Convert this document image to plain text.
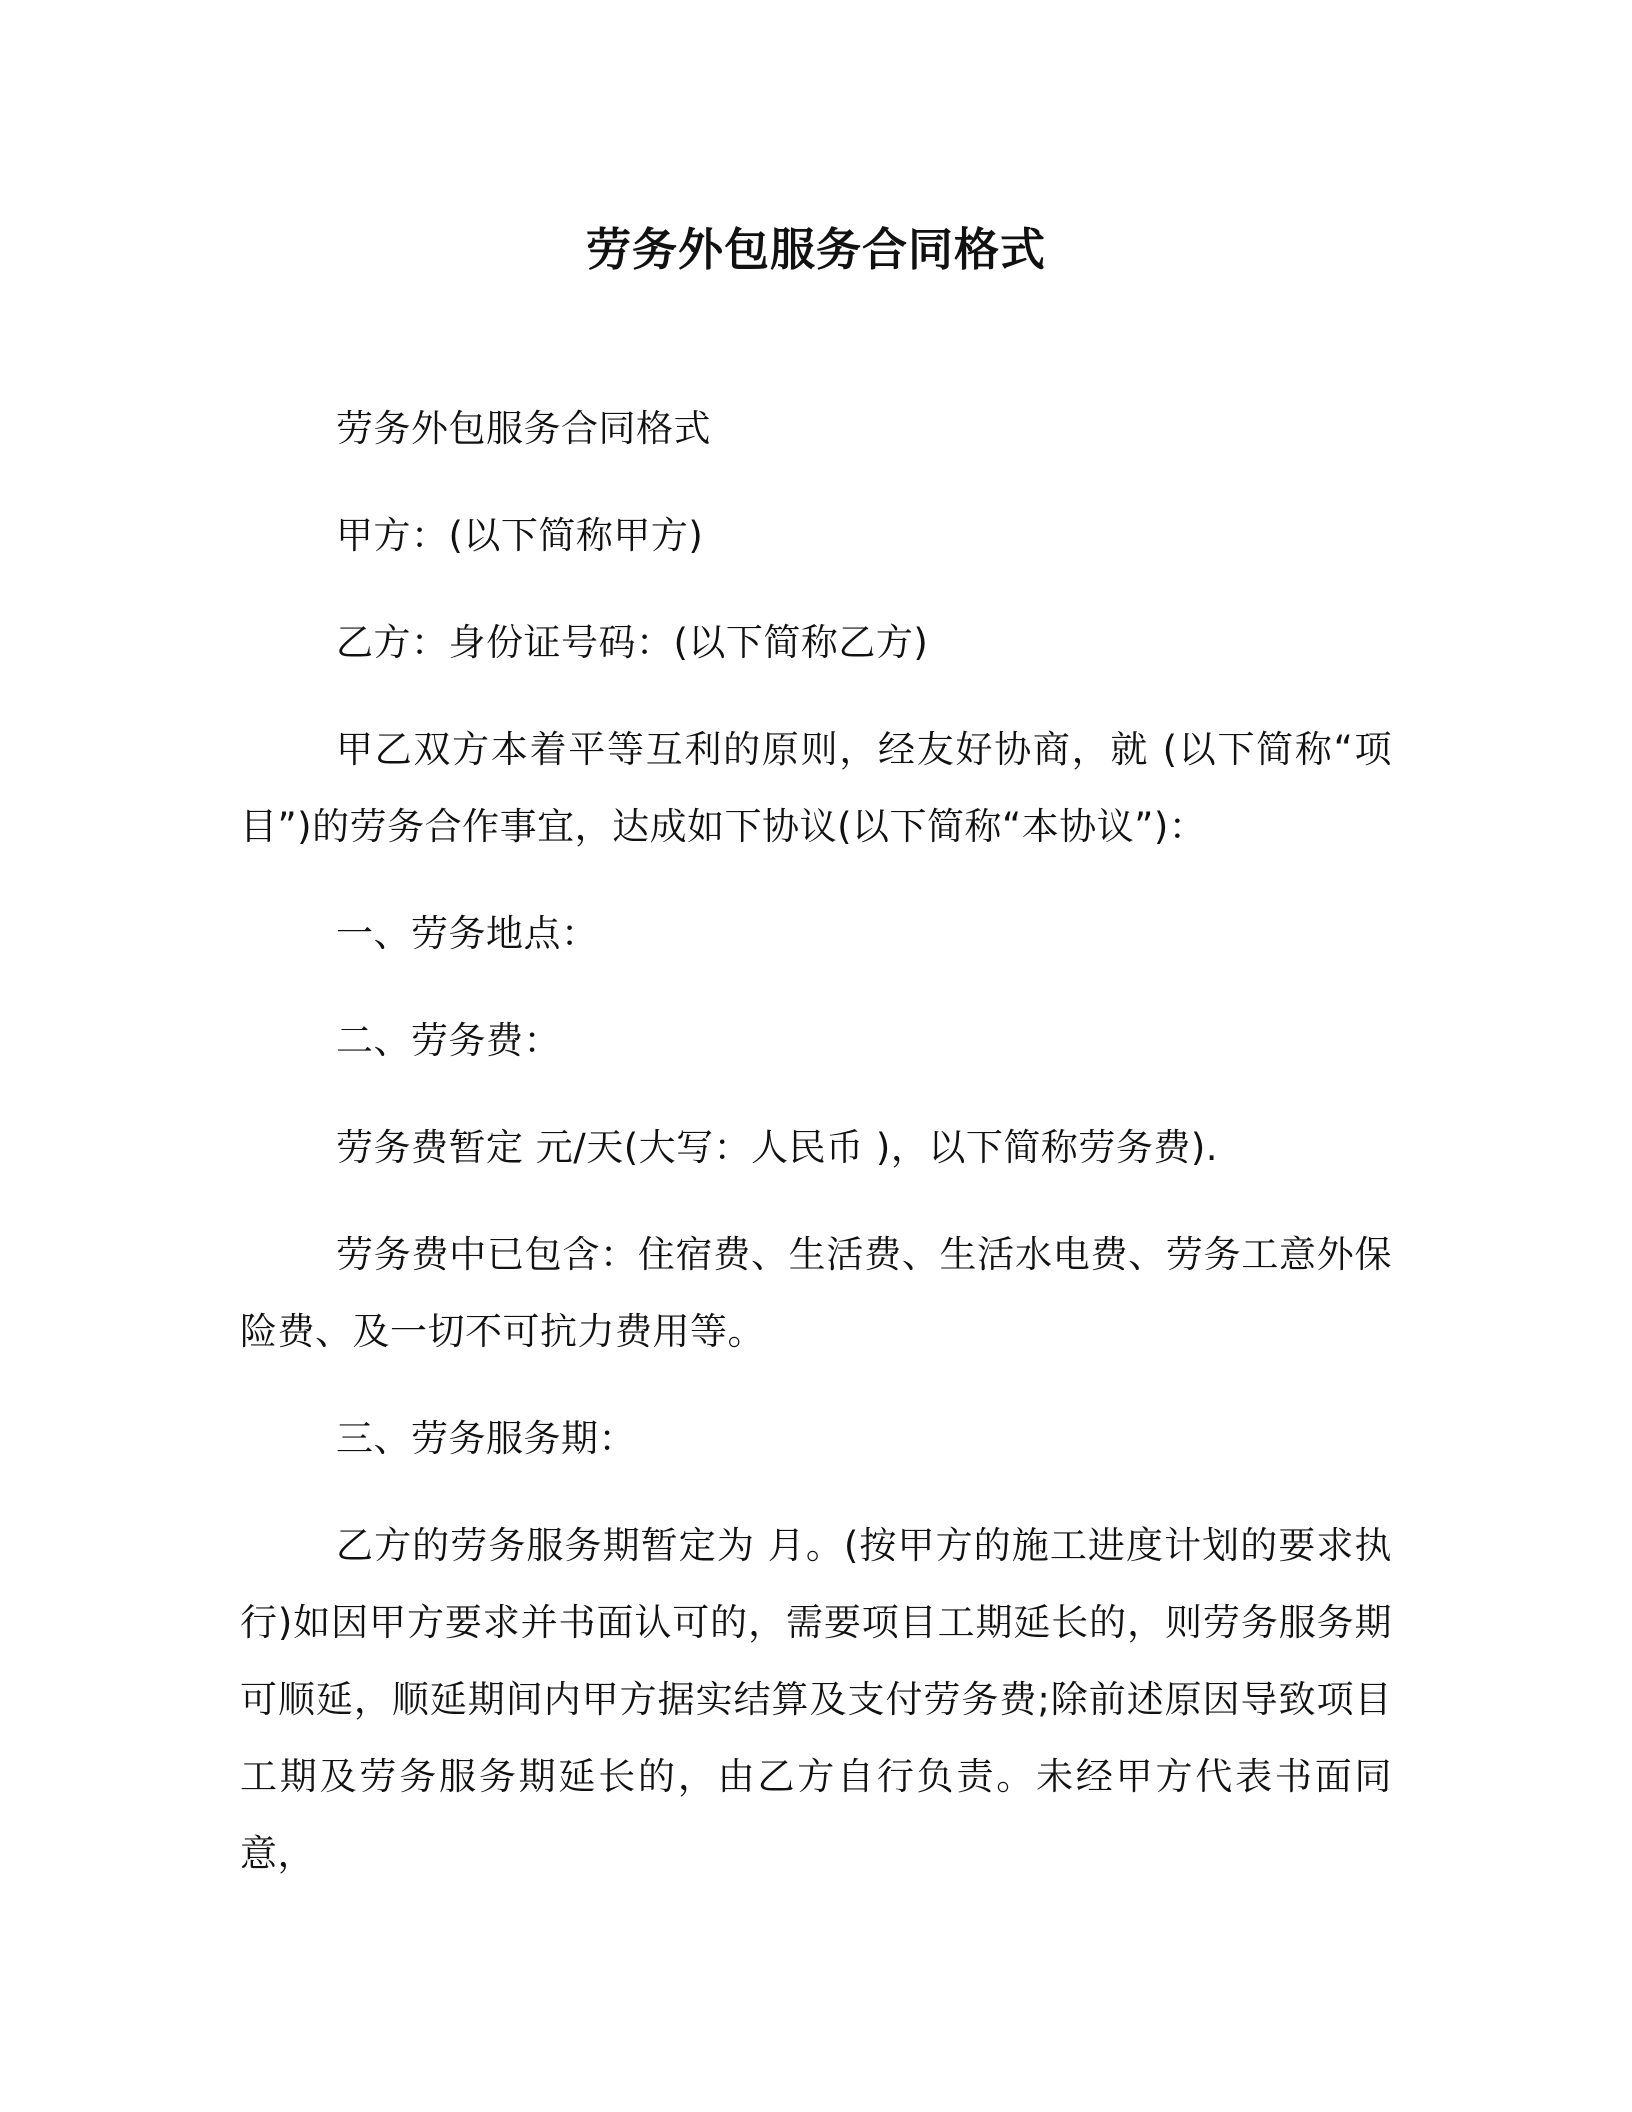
劳务外包服务合同格式

劳务外包服务合同格式

甲方：(以下简称甲方)

乙方：身份证号码：(以下简称乙方)

甲乙双方本着平等互利的原则，经友好协商，就 (以下简称“项目”)的劳务合作事宜，达成如下协议(以下简称“本协议”)：

一、劳务地点：

二、劳务费：

劳务费暂定 元/天(大写：人民币 )，以下简称劳务费).

劳务费中已包含：住宿费、生活费、生活水电费、劳务工意外保险费、及一切不可抗力费用等。

三、劳务服务期：

乙方的劳务服务期暂定为 月。(按甲方的施工进度计划的要求执行)如因甲方要求并书面认可的，需要项目工期延长的，则劳务服务期可顺延，顺延期间内甲方据实结算及支付劳务费;除前述原因导致项目工期及劳务服务期延长的，由乙方自行负责。未经甲方代表书面同意，
